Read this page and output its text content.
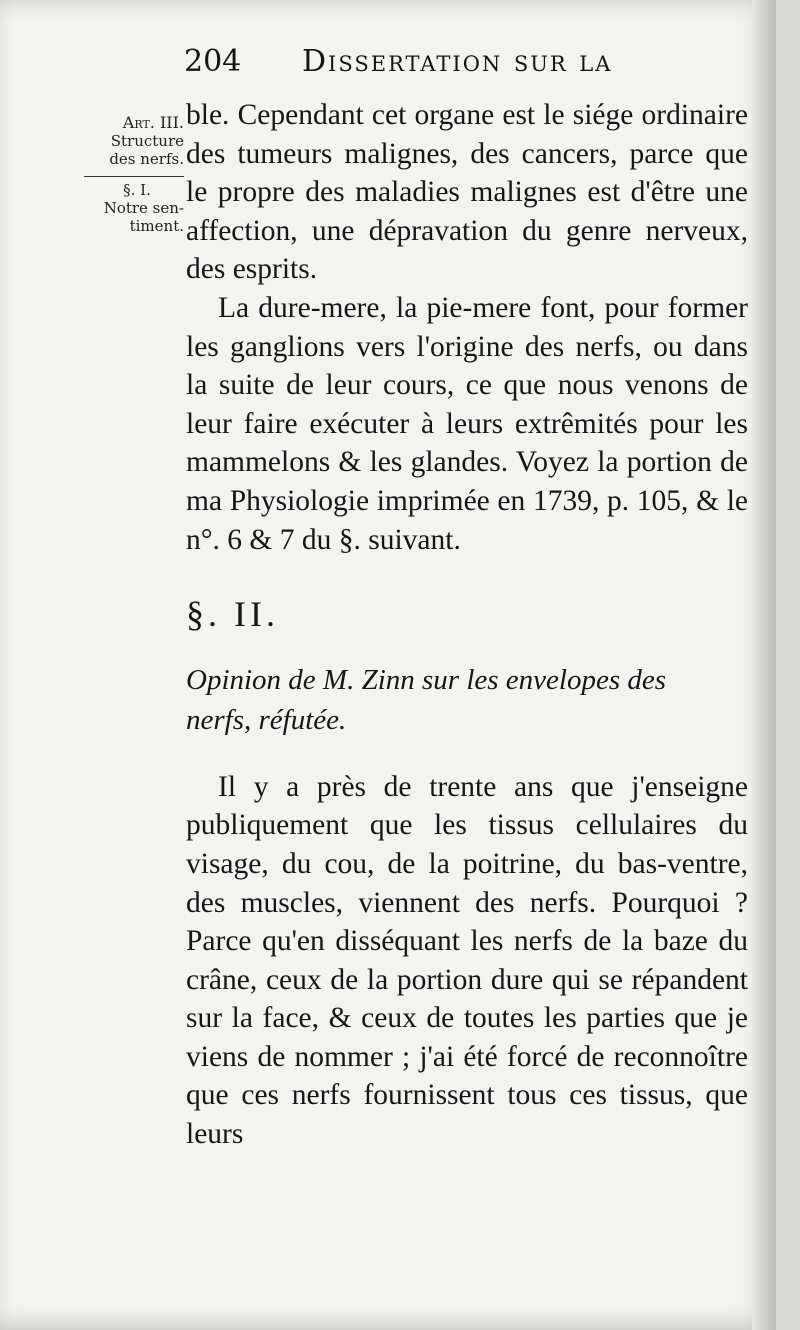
204 Dissertation sur la
Art. III.
Structure
des nerfs.
§. I.
Notre sen-
timent.

ble. Cependant cet organe est le siége ordinaire des tumeurs malignes, des cancers, parce que le propre des maladies malignes est d'être une affection, une dépravation du genre nerveux, des esprits.

La dure-mere, la pie-mere font, pour former les ganglions vers l'origine des nerfs, ou dans la suite de leur cours, ce que nous venons de leur faire exécuter à leurs extrêmités pour les mammelons & les glandes. Voyez la portion de ma Physiologie imprimée en 1739, p. 105, & le n°. 6 & 7 du §. suivant.

§. II.

Opinion de M. Zinn sur les envelopes des
nerfs, réfutée.

Il y a près de trente ans que j'enseigne publiquement que les tissus cellulaires du visage, du cou, de la poitrine, du bas-ventre, des muscles, viennent des nerfs. Pourquoi ? Parce qu'en disséquant les nerfs de la baze du crâne, ceux de la portion dure qui se répandent sur la face, & ceux de toutes les parties que je viens de nommer ; j'ai été forcé de reconnoître que ces nerfs fournissent tous ces tissus, que leurs
